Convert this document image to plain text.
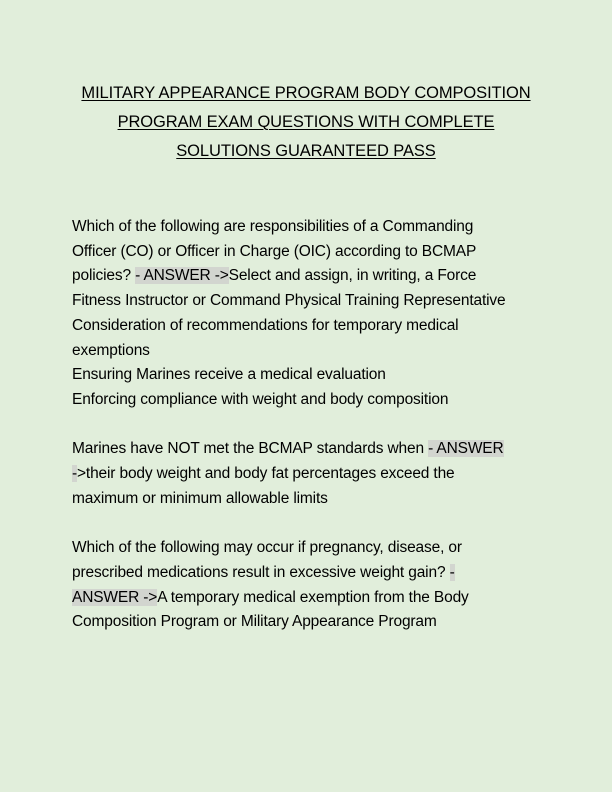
MILITARY APPEARANCE PROGRAM BODY COMPOSITION
PROGRAM EXAM QUESTIONS WITH COMPLETE
SOLUTIONS GUARANTEED PASS
Which of the following are responsibilities of a Commanding
Officer (CO) or Officer in Charge (OIC) according to BCMAP
policies? - ANSWER ->Select and assign, in writing, a Force
Fitness Instructor or Command Physical Training Representative
Consideration of recommendations for temporary medical
exemptions
Ensuring Marines receive a medical evaluation
Enforcing compliance with weight and body composition
Marines have NOT met the BCMAP standards when - ANSWER
->their body weight and body fat percentages exceed the
maximum or minimum allowable limits
Which of the following may occur if pregnancy, disease, or
prescribed medications result in excessive weight gain? -
ANSWER ->A temporary medical exemption from the Body
Composition Program or Military Appearance Program
